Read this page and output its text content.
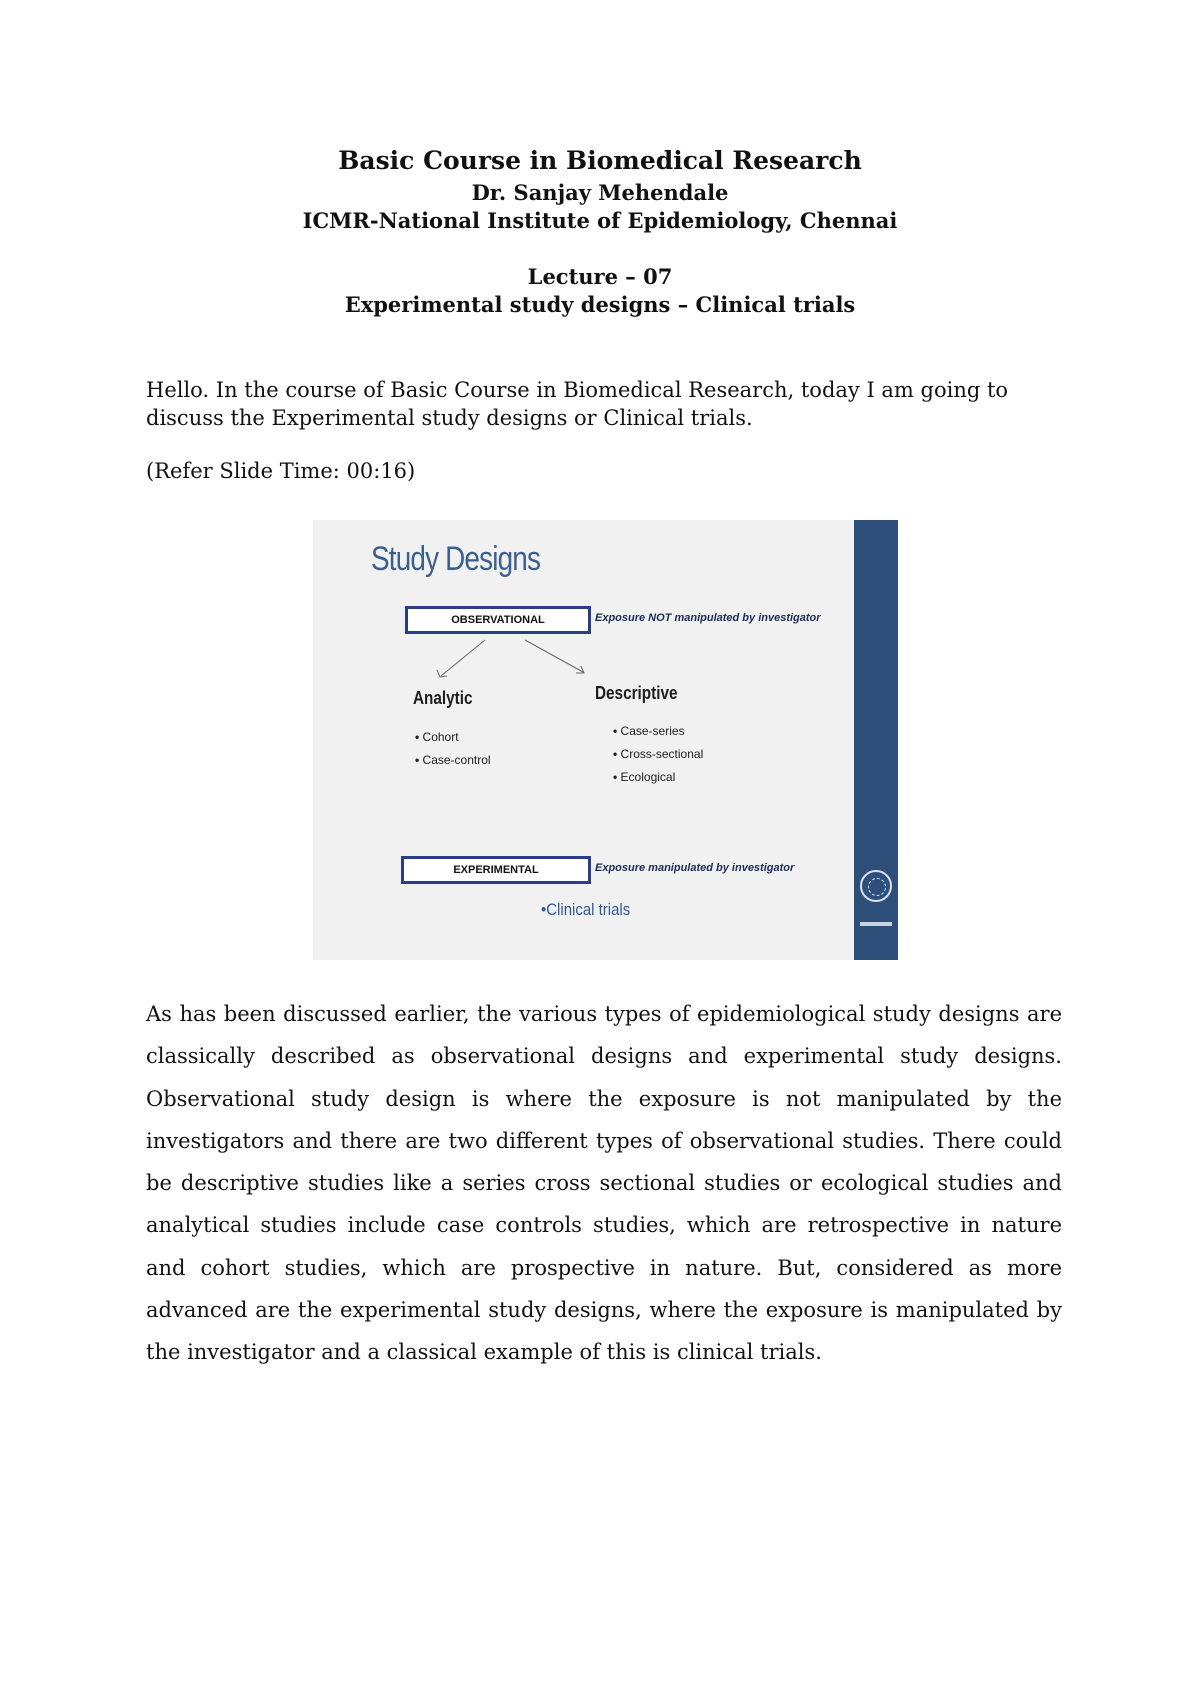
Basic Course in Biomedical Research
Dr. Sanjay Mehendale
ICMR-National Institute of Epidemiology, Chennai
Lecture – 07
Experimental study designs – Clinical trials
Hello. In the course of Basic Course in Biomedical Research, today I am going to discuss the Experimental study designs or Clinical trials.
(Refer Slide Time: 00:16)
Study Designs
OBSERVATIONAL	Exposure NOT manipulated by investigator
Analytic
• Cohort
• Case-control
Descriptive
• Case-series
• Cross-sectional
• Ecological
EXPERIMENTAL	Exposure manipulated by investigator
• Clinical trials
As has been discussed earlier, the various types of epidemiological study designs are classically described as observational designs and experimental study designs. Observational study design is where the exposure is not manipulated by the investigators and there are two different types of observational studies. There could be descriptive studies like a series cross sectional studies or ecological studies and analytical studies include case controls studies, which are retrospective in nature and cohort studies, which are prospective in nature. But, considered as more advanced are the experimental study designs, where the exposure is manipulated by the investigator and a classical example of this is clinical trials.
